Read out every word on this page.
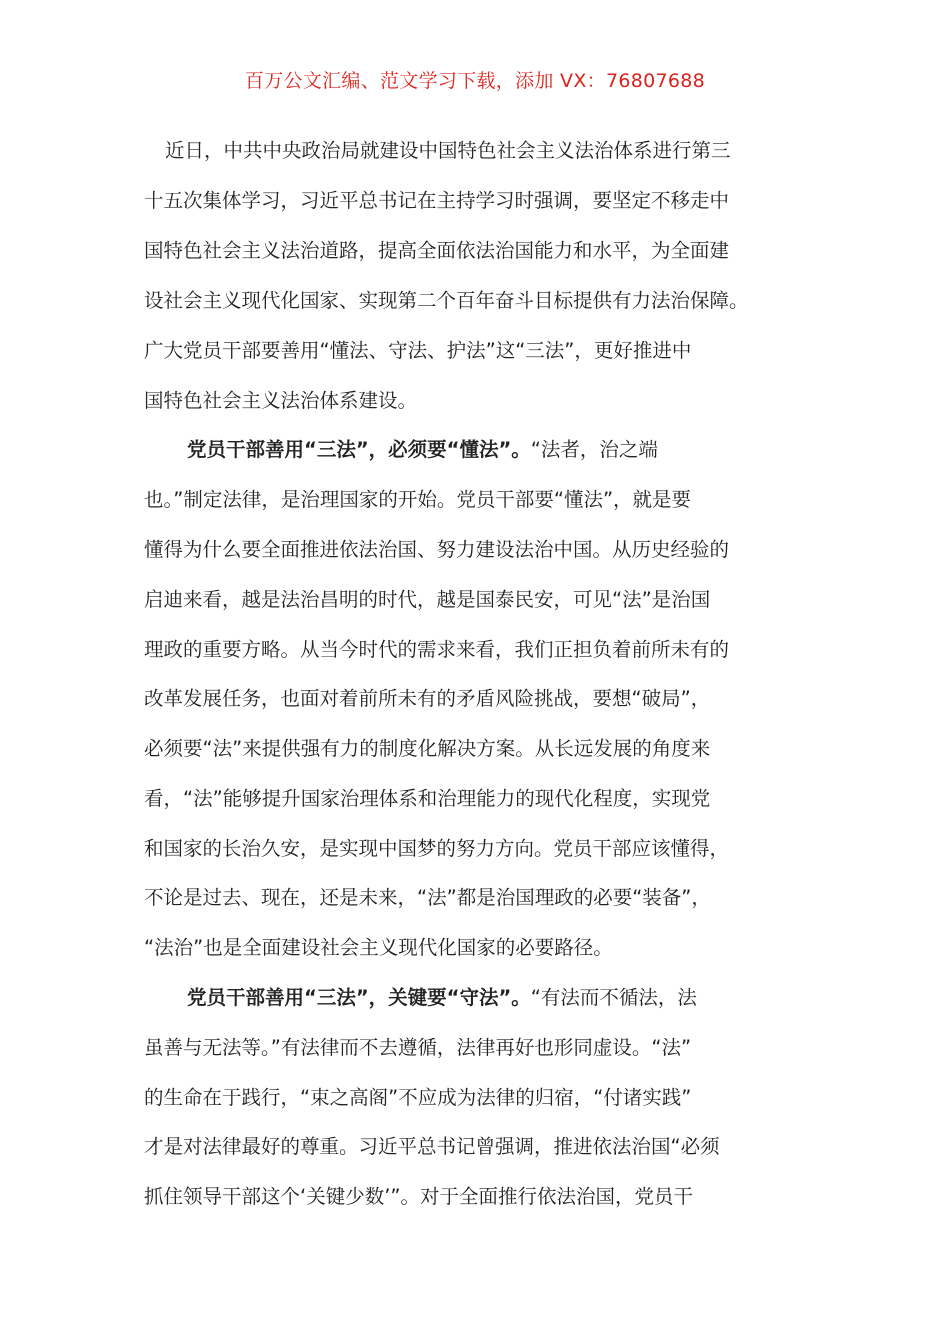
百万公文汇编、范文学习下载，添加 VX：76807688
近日，中共中央政治局就建设中国特色社会主义法治体系进行第三
十五次集体学习，习近平总书记在主持学习时强调，要坚定不移走中
国特色社会主义法治道路，提高全面依法治国能力和水平，为全面建
设社会主义现代化国家、实现第二个百年奋斗目标提供有力法治保障。
广大党员干部要善用“懂法、守法、护法”这“三法”，更好推进中
国特色社会主义法治体系建设。
党员干部善用“三法”，必须要“懂法”。“法者，治之端
也。”制定法律，是治理国家的开始。党员干部要“懂法”，就是要
懂得为什么要全面推进依法治国、努力建设法治中国。从历史经验的
启迪来看，越是法治昌明的时代，越是国泰民安，可见“法”是治国
理政的重要方略。从当今时代的需求来看，我们正担负着前所未有的
改革发展任务，也面对着前所未有的矛盾风险挑战，要想“破局”，
必须要“法”来提供强有力的制度化解决方案。从长远发展的角度来
看，“法”能够提升国家治理体系和治理能力的现代化程度，实现党
和国家的长治久安，是实现中国梦的努力方向。党员干部应该懂得，
不论是过去、现在，还是未来，“法”都是治国理政的必要“装备”，
“法治”也是全面建设社会主义现代化国家的必要路径。
党员干部善用“三法”，关键要“守法”。“有法而不循法，法
虽善与无法等。”有法律而不去遵循，法律再好也形同虚设。“法”
的生命在于践行，“束之高阁”不应成为法律的归宿，“付诸实践”
才是对法律最好的尊重。习近平总书记曾强调，推进依法治国“必须
抓住领导干部这个‘关键少数’”。对于全面推行依法治国，党员干
